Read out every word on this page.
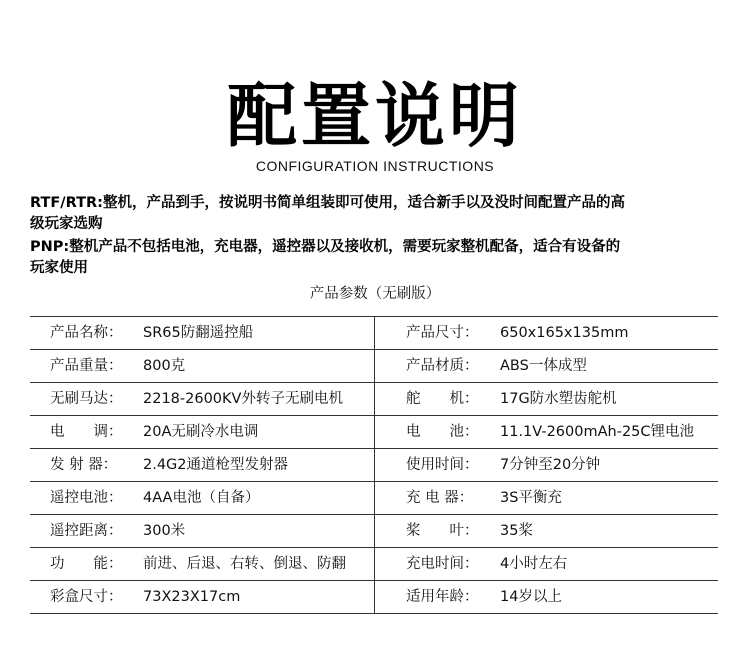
配置说明
CONFIGURATION INSTRUCTIONS

RTF/RTR:整机，产品到手，按说明书简单组装即可使用，适合新手以及没时间配置产品的高

级玩家选购

PNP:整机产品不包括电池，充电器，遥控器以及接收机，需要玩家整机配备，适合有设备的

玩家使用

产品参数（无刷版）
产品名称： SR65防翻遥控船	产品尺寸： 650x165x135mm
产品重量： 800克	产品材质： ABS一体成型
无刷马达： 2218-2600KV外转子无刷电机	舵　　机： 17G防水塑齿舵机
电　　调： 20A无刷冷水电调	电　　池： 11.1V-2600mAh-25C锂电池
发 射 器： 2.4G2通道枪型发射器	使用时间： 7分钟至20分钟
遥控电池： 4AA电池（自备）	充 电 器： 3S平衡充
遥控距离： 300米	桨　　叶： 35桨
功　　能： 前进、后退、右转、倒退、防翻	充电时间： 4小时左右
彩盒尺寸： 73X23X17cm	适用年龄： 14岁以上
